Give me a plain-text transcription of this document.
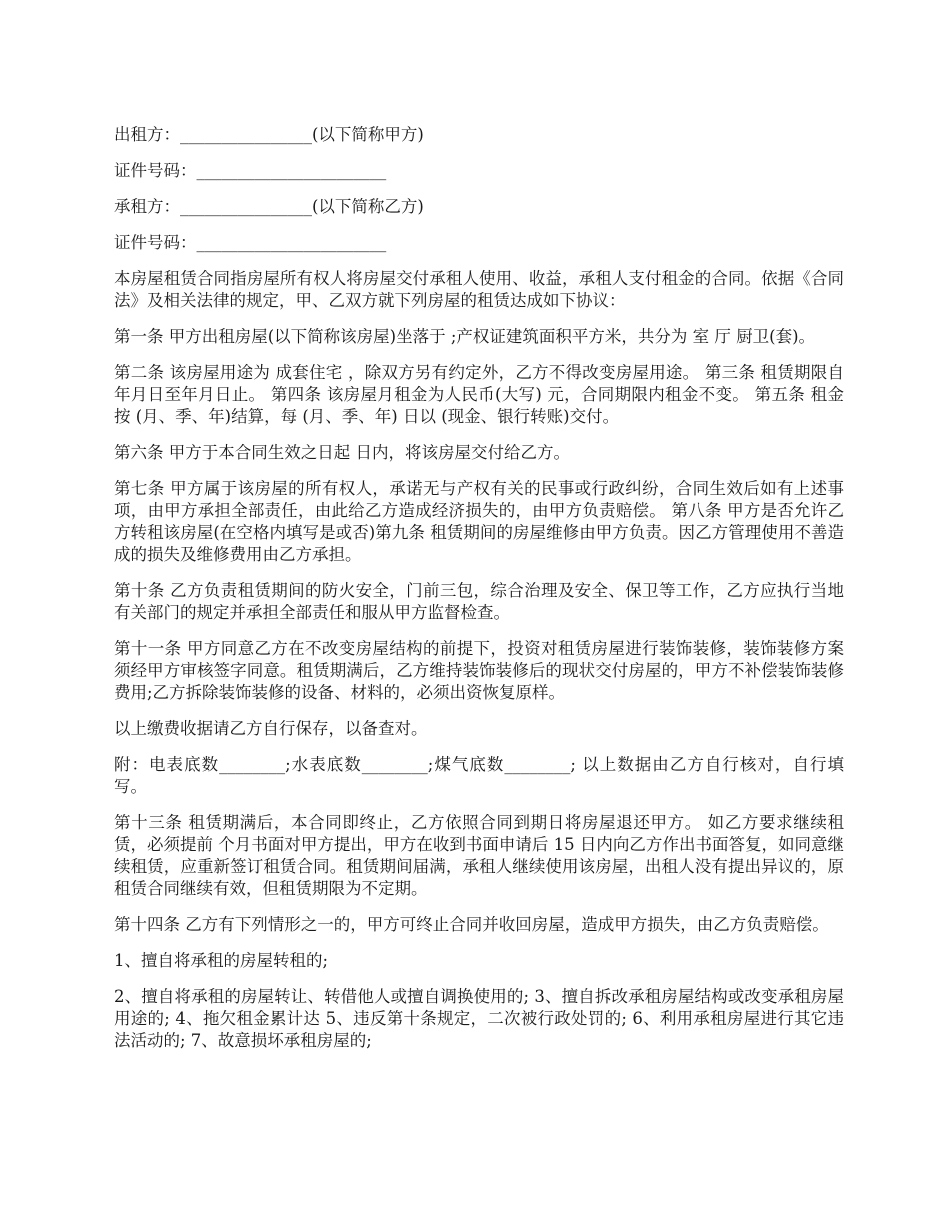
出租方：________________(以下简称甲方)

证件号码：_______________________

承租方：________________(以下简称乙方)

证件号码：_______________________

本房屋租赁合同指房屋所有权人将房屋交付承租人使用、收益，承租人支付租金的合同。依据《合同法》及相关法律的规定，甲、乙双方就下列房屋的租赁达成如下协议：

第一条 甲方出租房屋(以下简称该房屋)坐落于 ;产权证建筑面积平方米，共分为 室 厅 厨卫(套)。

第二条 该房屋用途为 成套住宅 ，除双方另有约定外，乙方不得改变房屋用途。 第三条 租赁期限自年月日至年月日止。 第四条 该房屋月租金为人民币(大写) 元，合同期限内租金不变。 第五条 租金按 (月、季、年)结算，每 (月、季、年) 日以 (现金、银行转账)交付。

第六条 甲方于本合同生效之日起 日内，将该房屋交付给乙方。

第七条 甲方属于该房屋的所有权人，承诺无与产权有关的民事或行政纠纷，合同生效后如有上述事项，由甲方承担全部责任，由此给乙方造成经济损失的，由甲方负责赔偿。 第八条 甲方是否允许乙方转租该房屋(在空格内填写是或否)第九条 租赁期间的房屋维修由甲方负责。因乙方管理使用不善造成的损失及维修费用由乙方承担。

第十条 乙方负责租赁期间的防火安全，门前三包，综合治理及安全、保卫等工作，乙方应执行当地有关部门的规定并承担全部责任和服从甲方监督检查。

第十一条 甲方同意乙方在不改变房屋结构的前提下，投资对租赁房屋进行装饰装修，装饰装修方案须经甲方审核签字同意。租赁期满后，乙方维持装饰装修后的现状交付房屋的，甲方不补偿装饰装修费用;乙方拆除装饰装修的设备、材料的，必须出资恢复原样。

以上缴费收据请乙方自行保存，以备查对。

附：电表底数________;水表底数________;煤气底数________; 以上数据由乙方自行核对，自行填写。

第十三条 租赁期满后，本合同即终止，乙方依照合同到期日将房屋退还甲方。 如乙方要求继续租赁，必须提前 个月书面对甲方提出，甲方在收到书面申请后 15 日内向乙方作出书面答复，如同意继续租赁，应重新签订租赁合同。租赁期间届满，承租人继续使用该房屋，出租人没有提出异议的，原租赁合同继续有效，但租赁期限为不定期。

第十四条 乙方有下列情形之一的，甲方可终止合同并收回房屋，造成甲方损失，由乙方负责赔偿。

1、擅自将承租的房屋转租的;

2、擅自将承租的房屋转让、转借他人或擅自调换使用的; 3、擅自拆改承租房屋结构或改变承租房屋用途的; 4、拖欠租金累计达 5、违反第十条规定，二次被行政处罚的; 6、利用承租房屋进行其它违法活动的; 7、故意损坏承租房屋的;
